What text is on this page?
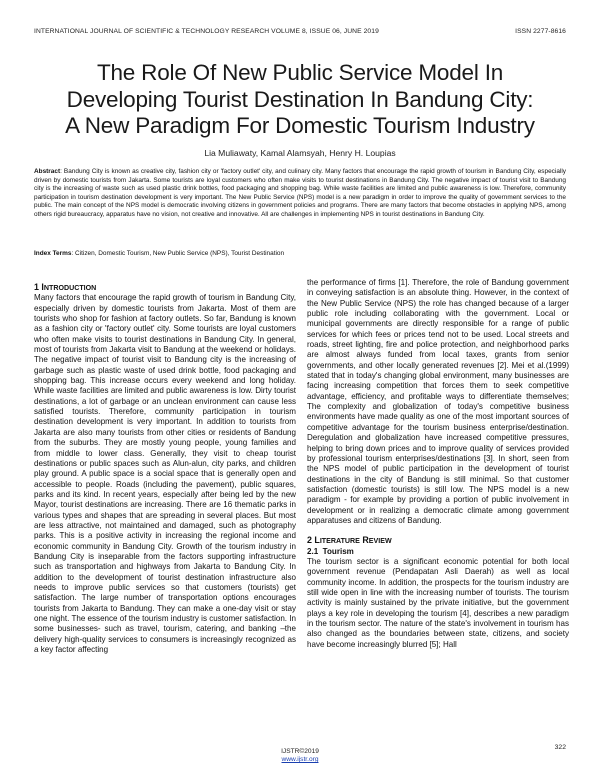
INTERNATIONAL JOURNAL OF SCIENTIFIC & TECHNOLOGY RESEARCH VOLUME 8, ISSUE 06, JUNE 2019	ISSN 2277-8616
The Role Of New Public Service Model In
Developing Tourist Destination In Bandung City:
A New Paradigm For Domestic Tourism Industry
Lia Muliawaty, Kamal Alamsyah, Henry H. Loupias
Abstract: Bandung City is known as creative city, fashion city or 'factory outlet' city, and culinary city. Many factors that encourage the rapid growth of tourism in Bandung City, especially driven by domestic tourists from Jakarta. Some tourists are loyal customers who often make visits to tourist destinations in Bandung City. The negative impact of tourist visit to Bandung city is the increasing of waste such as used plastic drink bottles, food packaging and shopping bag. While waste facilities are limited and public awareness is low. Therefore, community participation in tourism destination development is very important. The New Public Service (NPS) model is a new paradigm in order to improve the quality of government services to the public. The main concept of the NPS model is democratic involving citizens in government policies and programs. There are many factors that become obstacles in applying NPS, among others rigid bureaucracy, apparatus have no vision, not creative and innovative. All are challenges in implementing NPS in tourist destinations in Bandung City.
Index Terms: Citizen, Domestic Tourism, New Public Service (NPS), Tourist Destination

1 INTRODUCTION

Many factors that encourage the rapid growth of tourism in Bandung City, especially driven by domestic tourists from Jakarta. Most of them are tourists who shop for fashion at factory outlets. So far, Bandung is known as a fashion city or 'factory outlet' city. Some tourists are loyal customers who often make visits to tourist destinations in Bandung City. In general, most of tourists from Jakarta visit to Bandung at the weekend or holidays. The negative impact of tourist visit to Bandung city is the increasing of garbage such as plastic waste of used drink bottle, food packaging and shopping bag. This increase occurs every weekend and long holiday. While waste facilities are limited and public awareness is low. Dirty tourist destinations, a lot of garbage or an unclean environment can cause less satisfied tourists. Therefore, community participation in tourism destination development is very important. In addition to tourists from Jakarta are also many tourists from other cities or residents of Bandung from the suburbs. They are mostly young people, young families and from middle to lower class. Generally, they visit to cheap tourist destinations or public spaces such as Alun-alun, city parks, and children play ground. A public space is a social space that is generally open and accessible to people. Roads (including the pavement), public squares, parks and its kind. In recent years, especially after being led by the new Mayor, tourist destinations are increasing. There are 16 thematic parks in various types and shapes that are spreading in several places. But most are less attractive, not maintained and damaged, such as photography parks. This is a positive activity in increasing the regional income and economic community in Bandung City. Growth of the tourism industry in Bandung City is inseparable from the factors supporting infrastructure such as transportation and highways from Jakarta to Bandung City. In addition to the development of tourist destination infrastructure also needs to improve public services so that customers (tourists) get satisfaction. The large number of transportation options encourages tourists from Jakarta to Bandung. They can make a one-day visit or stay one night. The essence of the tourism industry is customer satisfaction. In some businesses- such as travel, tourism, catering, and banking –the delivery high-quality services to consumers is increasingly recognized as a key factor affecting

the performance of firms [1]. Therefore, the role of Bandung government in conveying satisfaction is an absolute thing. However, in the context of the New Public Service (NPS) the role has changed because of a larger public role including collaborating with the government. Local or municipal governments are directly responsible for a range of public services for which fees or prices tend not to be used. Local streets and roads, street lighting, fire and police protection, and neighborhood parks are almost always funded from local taxes, grants from senior governments, and other locally generated revenues [2]. Mei et al.(1999) stated that in today's changing global environment, many businesses are facing increasing competition that forces them to seek competitive advantage, efficiency, and profitable ways to differentiate themselves; The complexity and globalization of today's competitive business environments have made quality as one of the most important sources of competitive advantage for the tourism business enterprise/destination. Deregulation and globalization have increased competitive pressures, helping to bring down prices and to improve quality of services provided by professional tourism enterprises/destinations [3]. In short, seen from the NPS model of public participation in the development of tourist destinations in the city of Bandung is still minimal. So that customer satisfaction (domestic tourists) is still low. The NPS model is a new paradigm - for example by providing a portion of public involvement in development or in realizing a democratic climate among government apparatuses and citizens of Bandung.

2 LITERATURE REVIEW

2.1 Tourism

The tourism sector is a significant economic potential for both local government revenue (Pendapatan Asli Daerah) as well as local community income. In addition, the prospects for the tourism industry are still wide open in line with the increasing number of tourists. The tourism activity is mainly sustained by the private initiative, but the government plays a key role in developing the tourism [4], describes a new paradigm in the tourism sector. The nature of the state's involvement in tourism has also changed as the boundaries between state, citizens, and society have become increasingly blurred [5]; Hall

322
IJSTR©2019
www.ijstr.org
